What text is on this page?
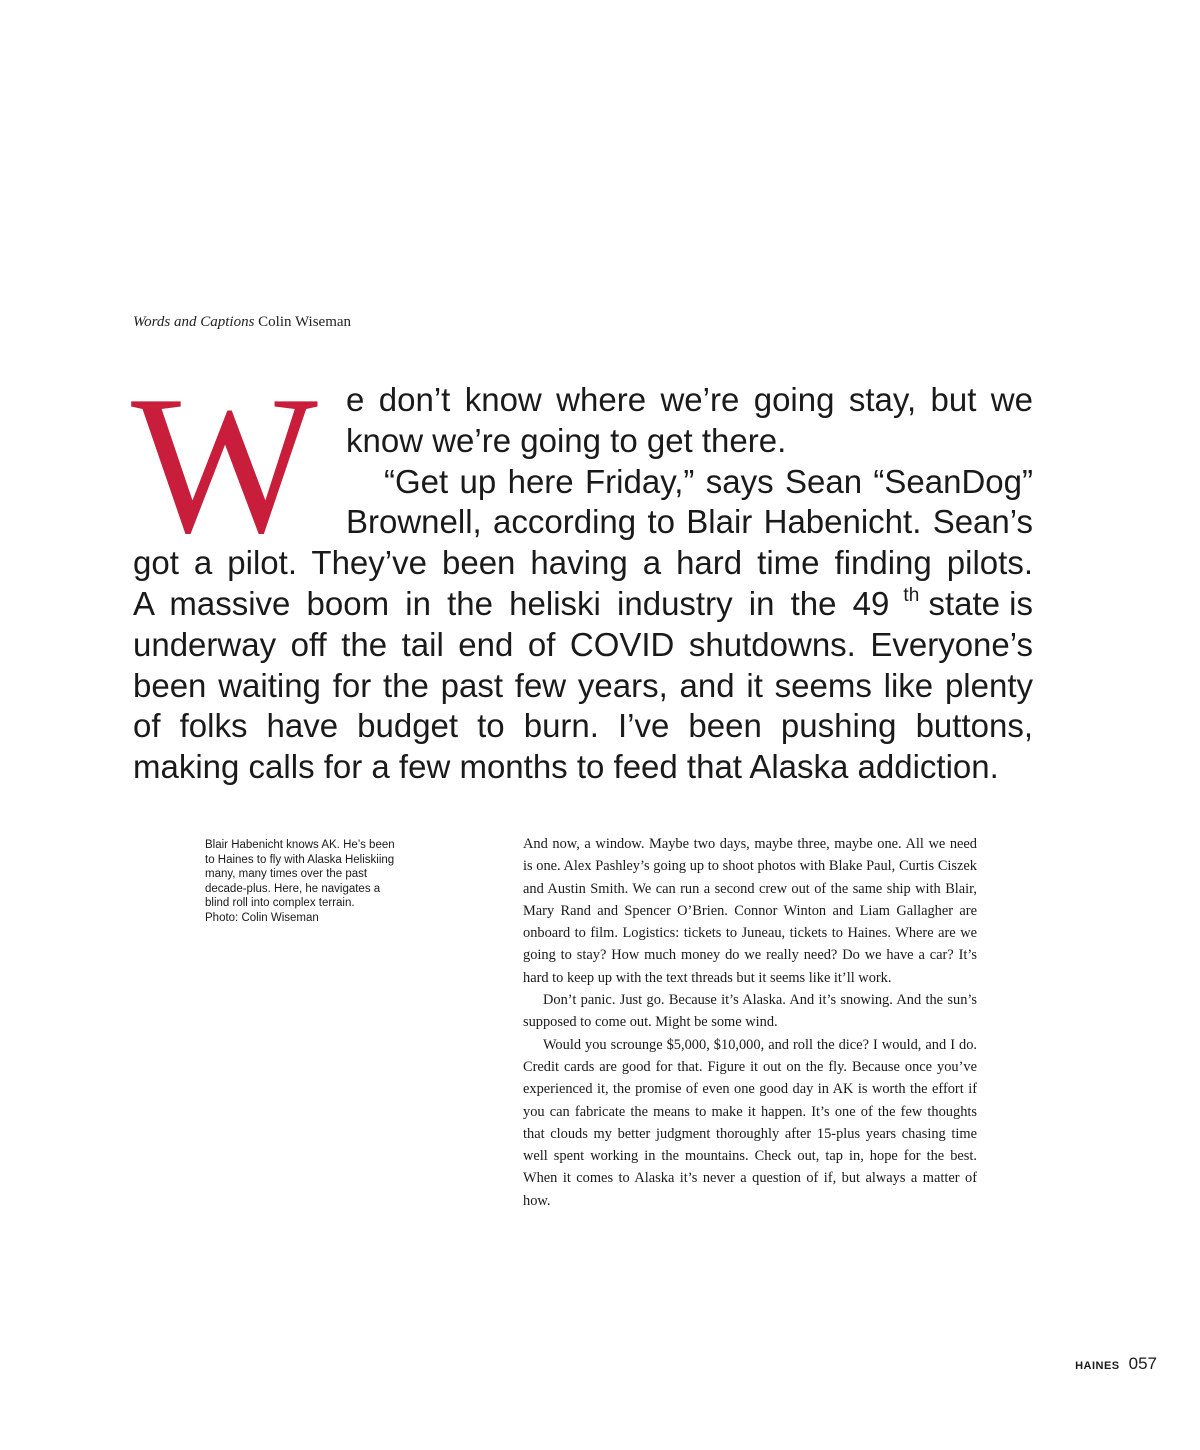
Words and Captions Colin Wiseman
W e don’t know where we’re going stay, but we
know we’re going to get there.
“Get up here Friday,” says Sean “SeanDog”
Brownell, according to Blair Habenicht. Sean’s
got a pilot. They’ve been having a hard time finding pilots.
A massive boom in the heliski industry in the 49 $^{th}$ state is
underway off the tail end of COVID shutdowns. Everyone’s
been waiting for the past few years, and it seems like plenty
of folks have budget to burn. I’ve been pushing buttons,
making calls for a few months to feed that Alaska addiction.
Blair Habenicht knows AK. He’s been
to Haines to fly with Alaska Heliskiing
many, many times over the past
decade-plus. Here, he navigates a
blind roll into complex terrain.
Photo: Colin Wiseman

And now, a window. Maybe two days, maybe three, maybe one. All we need is one. Alex Pashley’s going up to shoot photos with Blake Paul, Curtis Ciszek and Austin Smith. We can run a second crew out of the same ship with Blair, Mary Rand and Spencer O’Brien. Connor Winton and Liam Gallagher are onboard to film. Logistics: tickets to Juneau, tickets to Haines. Where are we going to stay? How much money do we really need? Do we have a car? It’s hard to keep up with the text threads but it seems like it’ll work.

Don’t panic. Just go. Because it’s Alaska. And it’s snowing. And the sun’s supposed to come out. Might be some wind.

Would you scrounge $5,000, $10,000, and roll the dice? I would, and I do. Credit cards are good for that. Figure it out on the fly. Because once you’ve experienced it, the promise of even one good day in AK is worth the effort if you can fabricate the means to make it happen. It’s one of the few thoughts that clouds my better judgment thoroughly after 15-plus years chasing time well spent working in the mountains. Check out, tap in, hope for the best. When it comes to Alaska it’s never a question of if, but always a matter of how.

HAINES 057
